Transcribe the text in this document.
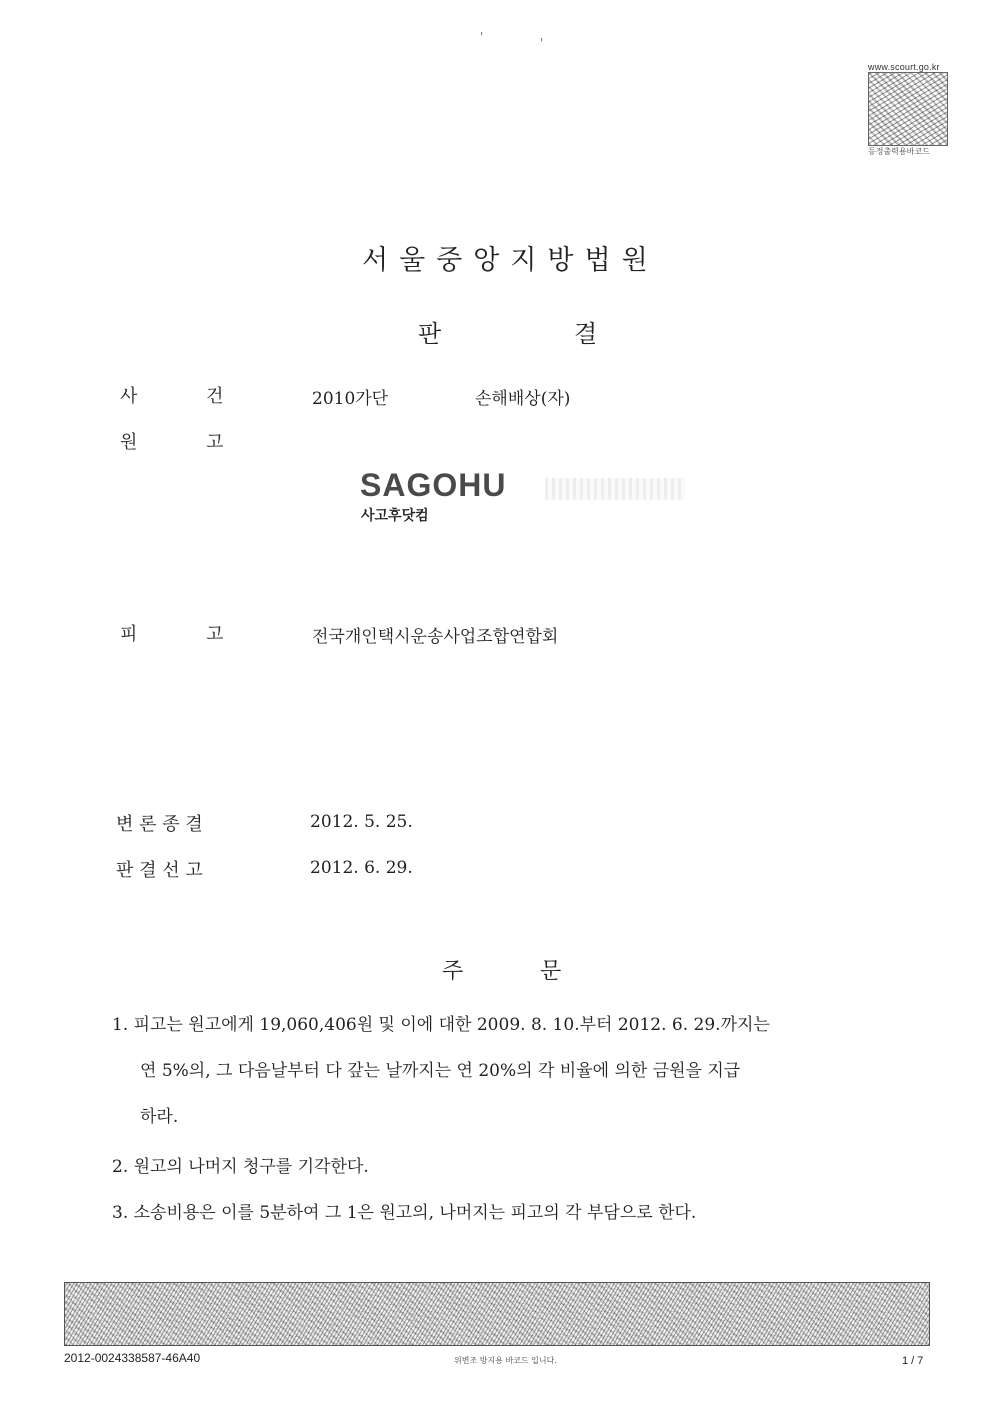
'	'
www.scourt.go.kr
등정출력용바코드
서울중앙지방법원
판	결
사	건	2010가단	손해배상(자)
원	고
SAGOHU
사고후닷컴
피	고	전국개인택시운송사업조합연합회
변 론 종 결	2012. 5. 25.
판 결 선 고	2012. 6. 29.
주	문
1. 피고는 원고에게 19,060,406원 및 이에 대한 2009. 8. 10.부터 2012. 6. 29.까지는
연 5%의, 그 다음날부터 다 갚는 날까지는 연 20%의 각 비율에 의한 금원을 지급
하라.
2. 원고의 나머지 청구를 기각한다.
3. 소송비용은 이를 5분하여 그 1은 원고의, 나머지는 피고의 각 부담으로 한다.
2012-0024338587-46A40	위변조 방지용 바코드 입니다.	1 / 7
